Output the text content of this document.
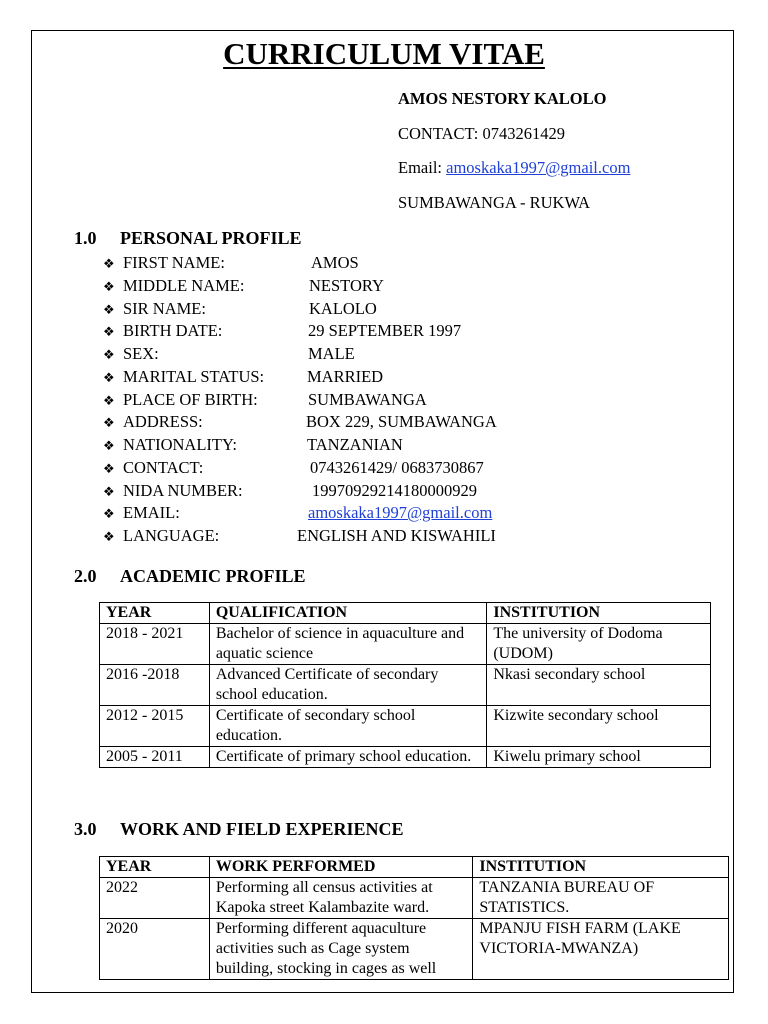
CURRICULUM VITAE
AMOS NESTORY KALOLO
CONTACT: 0743261429
Email: amoskaka1997@gmail.com
SUMBAWANGA - RUKWA
1.0 PERSONAL PROFILE
❖ FIRST NAME:	AMOS
❖ MIDDLE NAME:	NESTORY
❖ SIR NAME:	KALOLO
❖ BIRTH DATE:	29 SEPTEMBER 1997
❖ SEX:	MALE
❖ MARITAL STATUS:	MARRIED
❖ PLACE OF BIRTH:	SUMBAWANGA
❖ ADDRESS:	BOX 229, SUMBAWANGA
❖ NATIONALITY:	TANZANIAN
❖ CONTACT:	0743261429/ 0683730867
❖ NIDA NUMBER:	19970929214180000929
❖ EMAIL:	amoskaka1997@gmail.com
❖ LANGUAGE:	ENGLISH AND KISWAHILI
2.0 ACADEMIC PROFILE
YEAR	QUALIFICATION	INSTITUTION
2018 - 2021	Bachelor of science in aquaculture and aquatic science	The university of Dodoma (UDOM)
2016 -2018	Advanced Certificate of secondary school education.	Nkasi secondary school
2012 - 2015	Certificate of secondary school education.	Kizwite secondary school
2005 - 2011	Certificate of primary school education.	Kiwelu primary school
3.0 WORK AND FIELD EXPERIENCE
YEAR	WORK PERFORMED	INSTITUTION
2022	Performing all census activities at Kapoka street Kalambazite ward.	TANZANIA BUREAU OF STATISTICS.
2020	Performing different aquaculture activities such as Cage system building, stocking in cages as well	MPANJU FISH FARM (LAKE VICTORIA-MWANZA)
